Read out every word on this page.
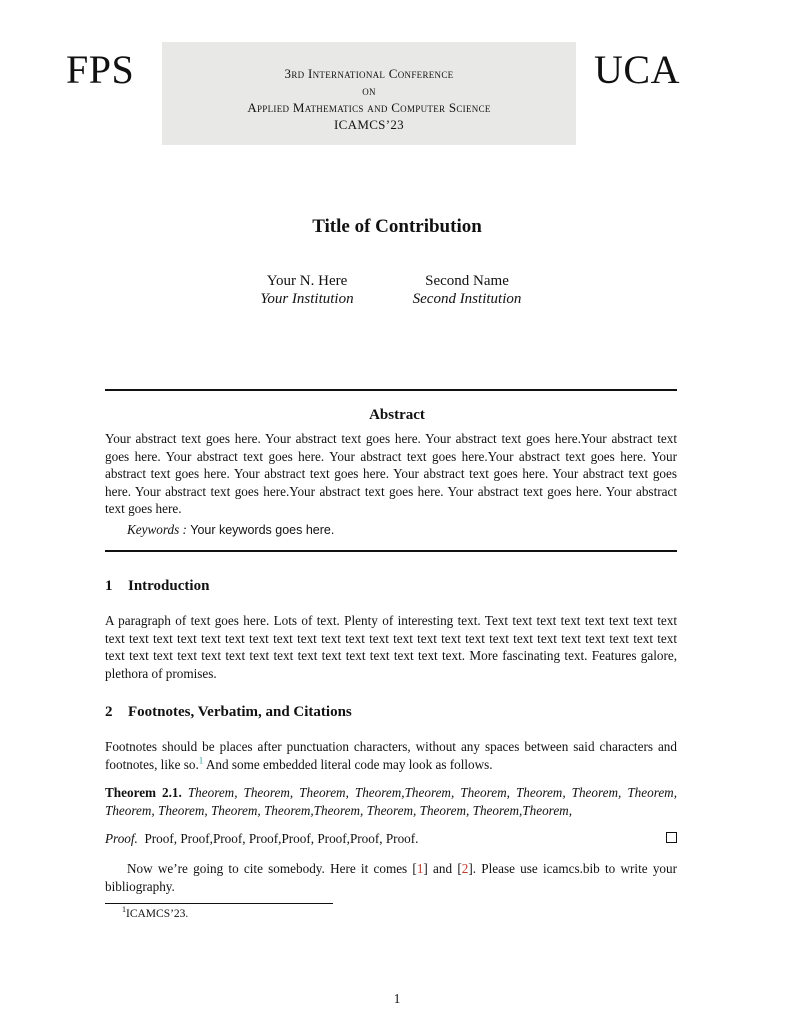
FPS	UCA
3rd International Conference
on
Applied Mathematics and Computer Science
ICAMCS’23
Title of Contribution
Your N. Here
Your Institution
Second Name
Second Institution
Abstract
Your abstract text goes here. Your abstract text goes here. Your abstract text goes here.Your abstract text goes here. Your abstract text goes here. Your abstract text goes here.Your abstract text goes here. Your abstract text goes here. Your abstract text goes here. Your abstract text goes here. Your abstract text goes here. Your abstract text goes here.Your abstract text goes here. Your abstract text goes here. Your abstract text goes here.
Keywords : Your keywords goes here.
1 Introduction
A paragraph of text goes here. Lots of text. Plenty of interesting text. Text text text text text text text text text text text text text text text text text text text text text text text text text text text text text text text text text text text text text text text text text text text text text text text. More fascinating text. Features galore, plethora of promises.
2 Footnotes, Verbatim, and Citations
Footnotes should be places after punctuation characters, without any spaces between said characters and footnotes, like so.$^1$ And some embedded literal code may look as follows.
Theorem 2.1. Theorem, Theorem, Theorem, Theorem,Theorem, Theorem, Theorem, Theorem, Theorem, Theorem, Theorem, Theorem, Theorem,Theorem, Theorem, Theorem, Theorem,Theorem,
Proof. Proof, Proof,Proof, Proof,Proof, Proof,Proof, Proof.
Now we’re going to cite somebody. Here it comes [1] and [2]. Please use icamcs.bib to write your bibliography.
$^1$ICAMCS’23.
1
